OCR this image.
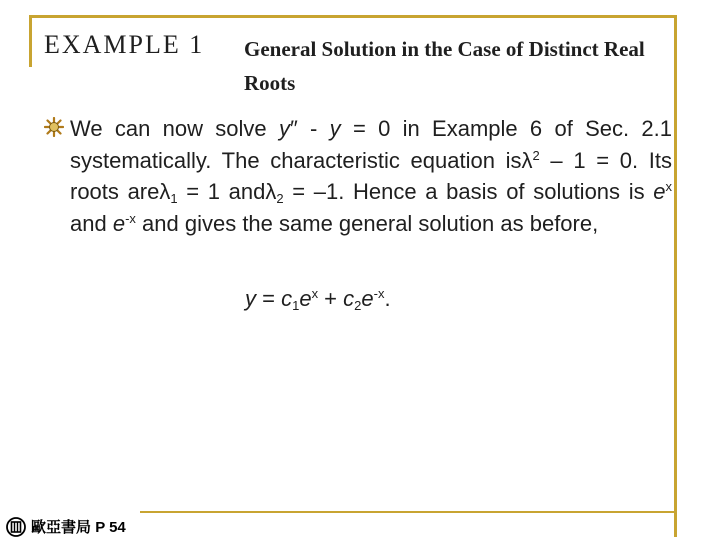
EXAMPLE 1 General Solution in the Case of Distinct Real Roots
We can now solve y″ - y = 0 in Example 6 of Sec. 2.1 systematically. The characteristic equation isλ$^2$ – 1 = 0. Its roots areλ$_1$ = 1 andλ$_2$ = –1. Hence a basis of solutions is $e^x$ and $e^{-x}$ and gives the same general solution as before,
$y = c_1e^x + c_2e^{-x}$.
歐亞書局 P 54
